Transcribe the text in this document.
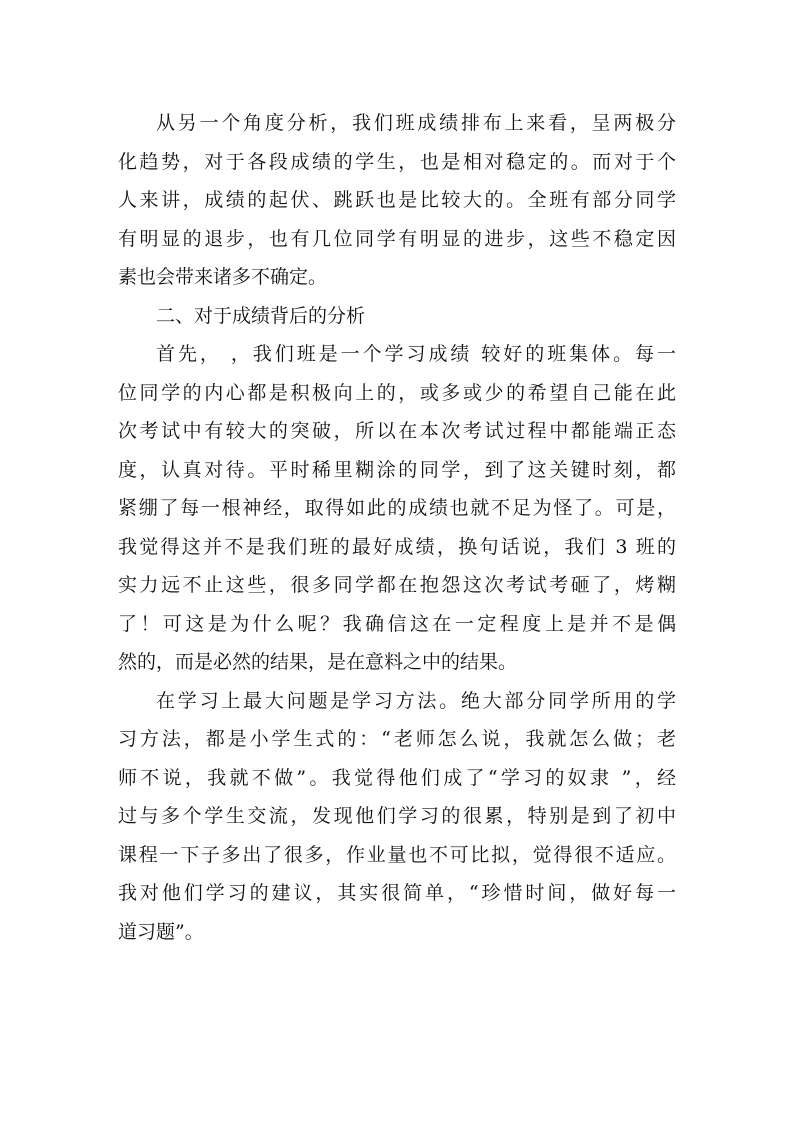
从另一个角度分析，我们班成绩排布上来看，呈两极分
化趋势，对于各段成绩的学生，也是相对稳定的。而对于个
人来讲，成绩的起伏、跳跃也是比较大的。全班有部分同学
有明显的退步，也有几位同学有明显的进步，这些不稳定因
素也会带来诸多不确定。
二、对于成绩背后的分析
首先， ，我们班是一个学习成绩 较好的班集体。每一
位同学的内心都是积极向上的，或多或少的希望自己能在此
次考试中有较大的突破，所以在本次考试过程中都能端正态
度，认真对待。平时稀里糊涂的同学，到了这关键时刻，都
紧绷了每一根神经，取得如此的成绩也就不足为怪了。可是，
我觉得这并不是我们班的最好成绩，换句话说，我们 3 班的
实力远不止这些，很多同学都在抱怨这次考试考砸了，烤糊
了！可这是为什么呢？我确信这在一定程度上是并不是偶
然的，而是必然的结果，是在意料之中的结果。
在学习上最大问题是学习方法。绝大部分同学所用的学
习方法，都是小学生式的：“老师怎么说，我就怎么做；老
师不说，我就不做”。我觉得他们成了“学习的奴隶 ”，经
过与多个学生交流，发现他们学习的很累，特别是到了初中
课程一下子多出了很多，作业量也不可比拟，觉得很不适应。
我对他们学习的建议，其实很简单，“珍惜时间，做好每一
道习题”。
